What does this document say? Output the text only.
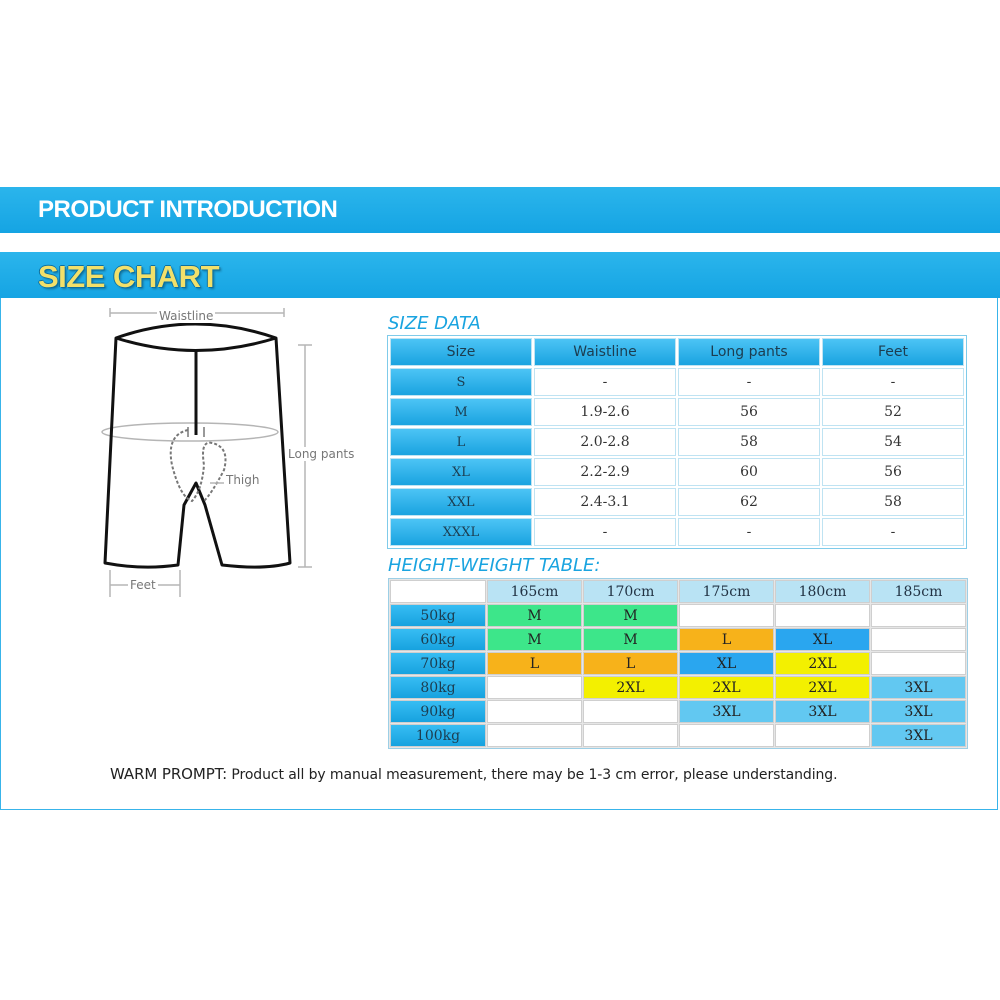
PRODUCT INTRODUCTION
SIZE CHART
Waistline
Long pants
Thigh
Feet
SIZE DATA
Size	Waistline	Long pants	Feet
S	-	-	-
M	1.9-2.6	56	52
L	2.0-2.8	58	54
XL	2.2-2.9	60	56
XXL	2.4-3.1	62	58
XXXL	-	-	-
HEIGHT-WEIGHT TABLE:
	165cm	170cm	175cm	180cm	185cm
50kg	M	M			
60kg	M	M	L	XL	
70kg	L	L	XL	2XL	
80kg		2XL	2XL	2XL	3XL
90kg			3XL	3XL	3XL
100kg					3XL

WARM PROMPT: Product all by manual measurement, there may be 1-3 cm error, please understanding.
